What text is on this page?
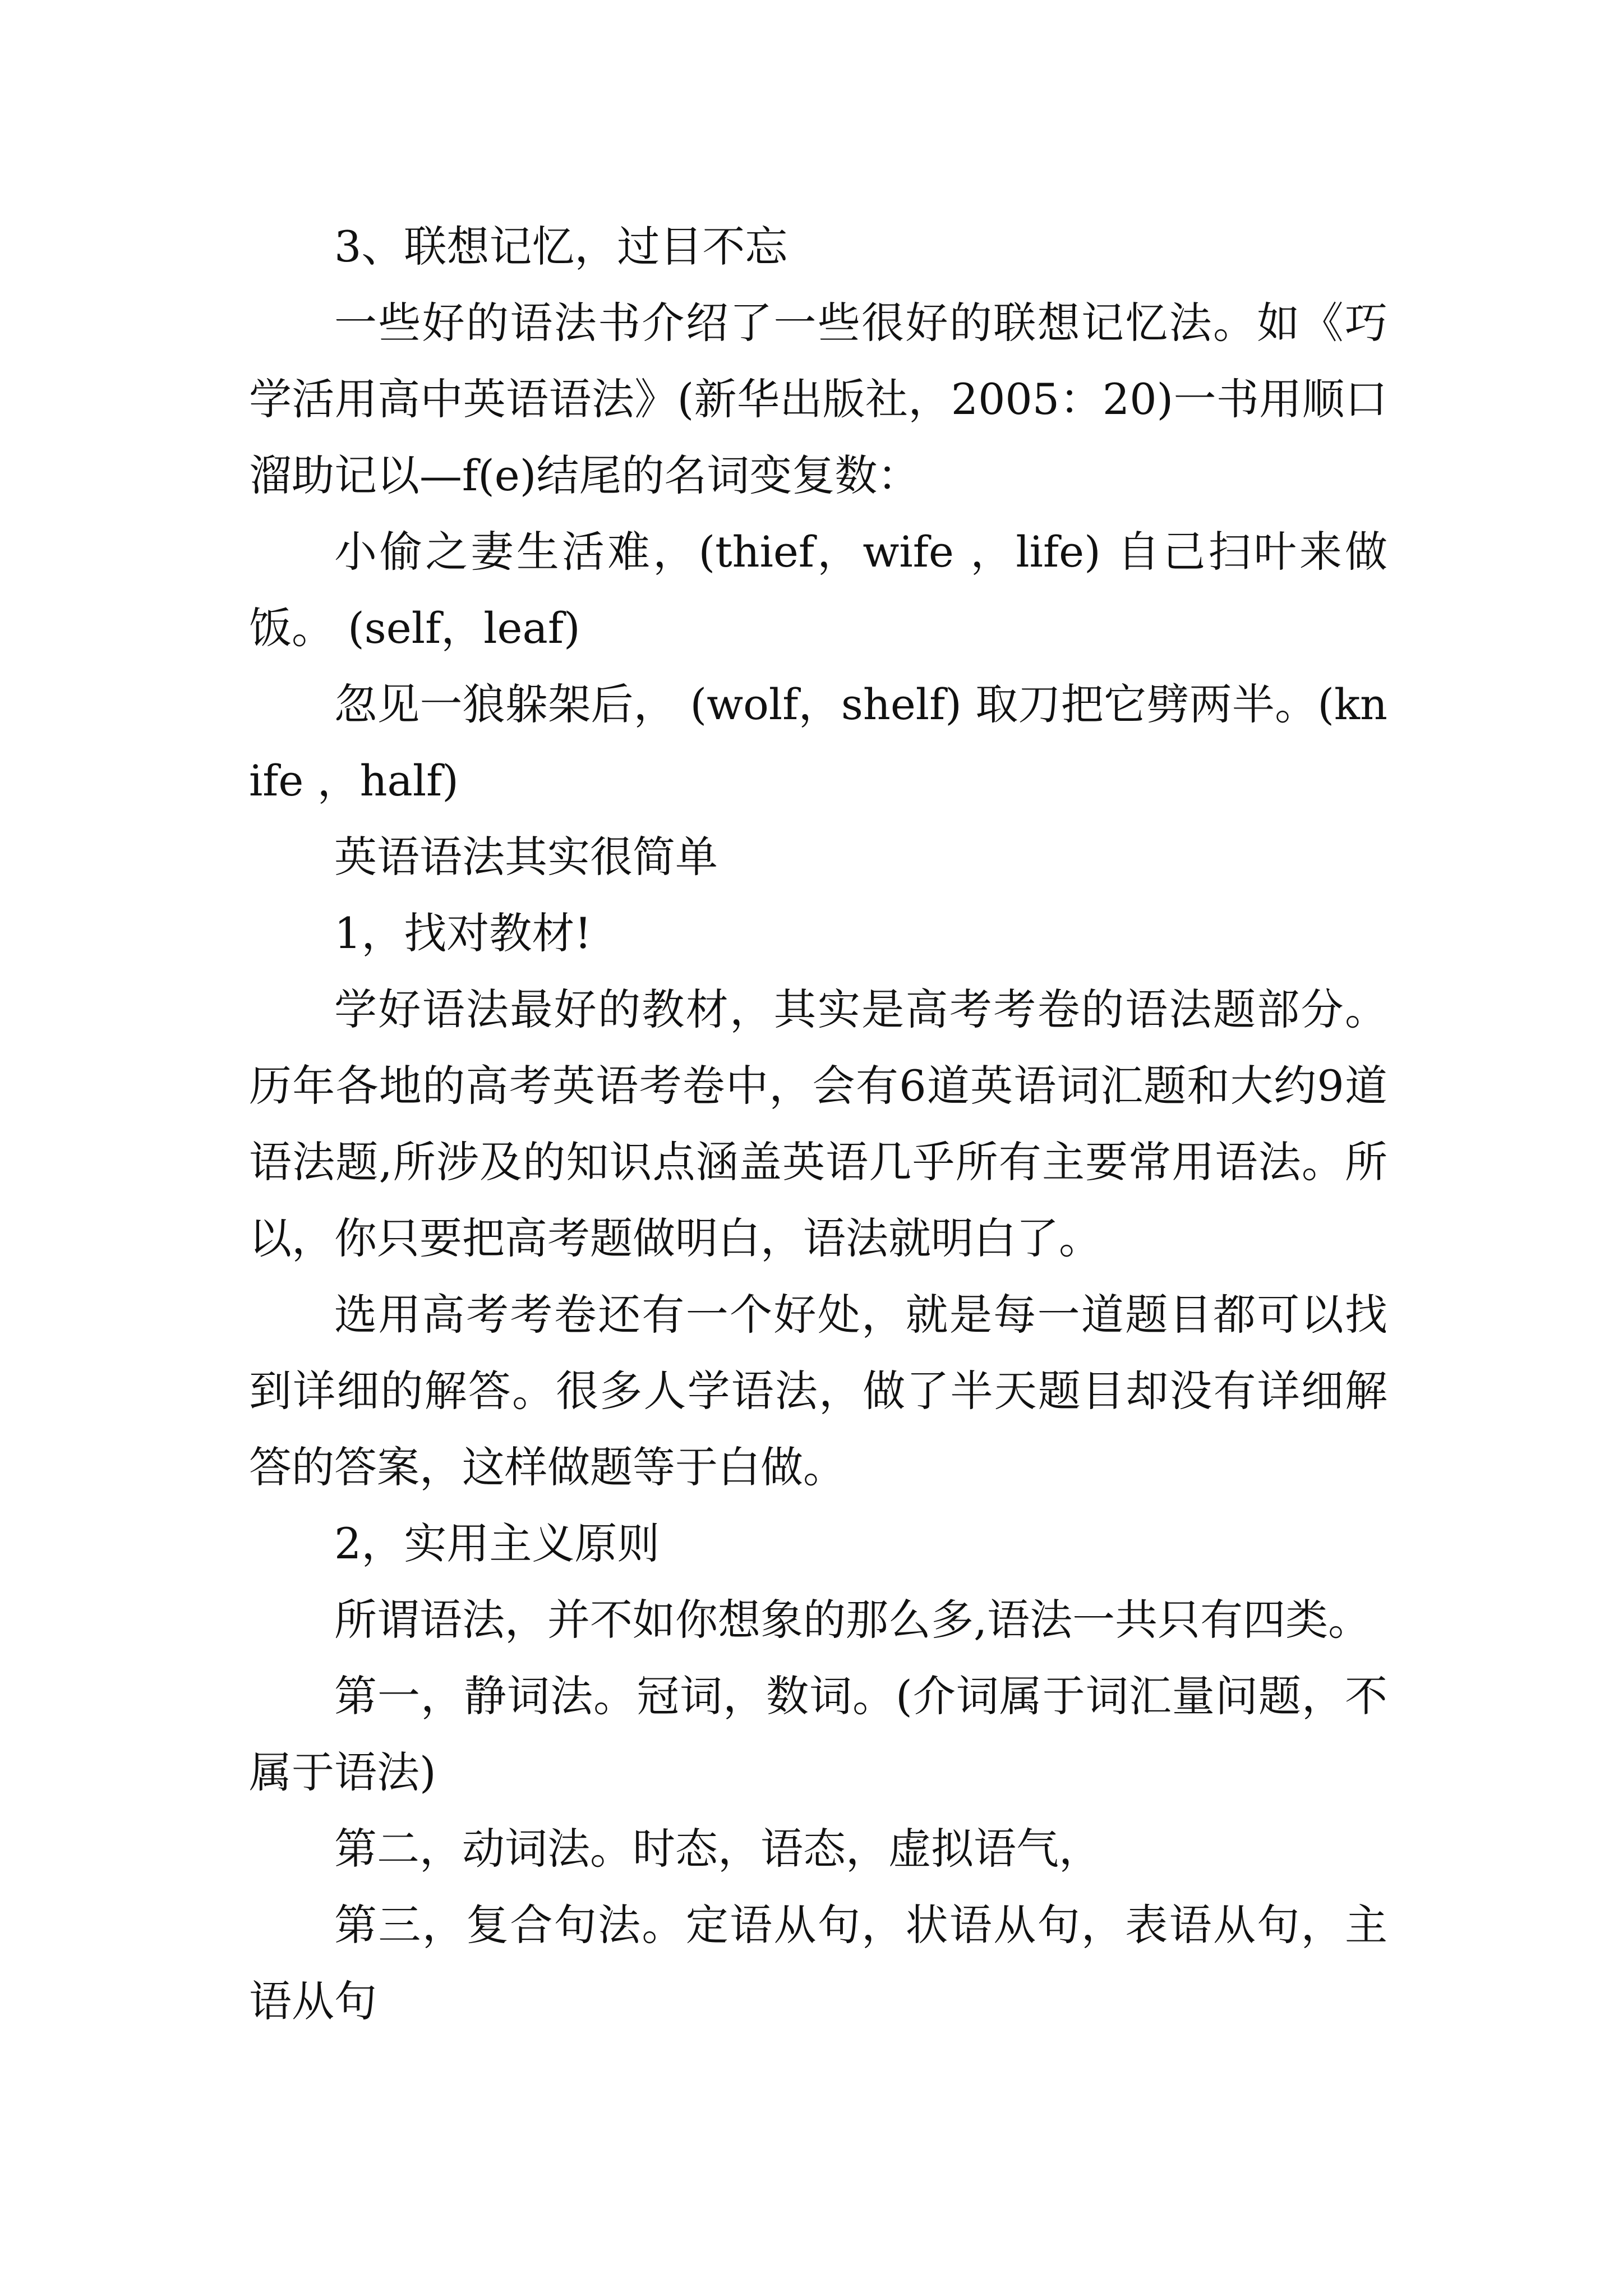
3、联想记忆，过目不忘

一些好的语法书介绍了一些很好的联想记忆法。如《巧学活用高中英语语法》(新华出版社，2005：20)一书用顺口溜助记以—f(e)结尾的名词变复数：

小偷之妻生活难，(thief，wife ，life) 自己扫叶来做饭。 (self，leaf)

忽见一狼躲架后， (wolf，shelf) 取刀把它劈两半。(knife ，half)

英语语法其实很简单

1，找对教材!

学好语法最好的教材，其实是高考考卷的语法题部分。历年各地的高考英语考卷中，会有6道英语词汇题和大约9道语法题,所涉及的知识点涵盖英语几乎所有主要常用语法。所以，你只要把高考题做明白，语法就明白了。

选用高考考卷还有一个好处，就是每一道题目都可以找到详细的解答。很多人学语法，做了半天题目却没有详细解答的答案，这样做题等于白做。

2，实用主义原则

所谓语法，并不如你想象的那么多,语法一共只有四类。

第一，静词法。冠词，数词。(介词属于词汇量问题，不属于语法)

第二，动词法。时态，语态，虚拟语气，

第三，复合句法。定语从句，状语从句，表语从句，主语从句
